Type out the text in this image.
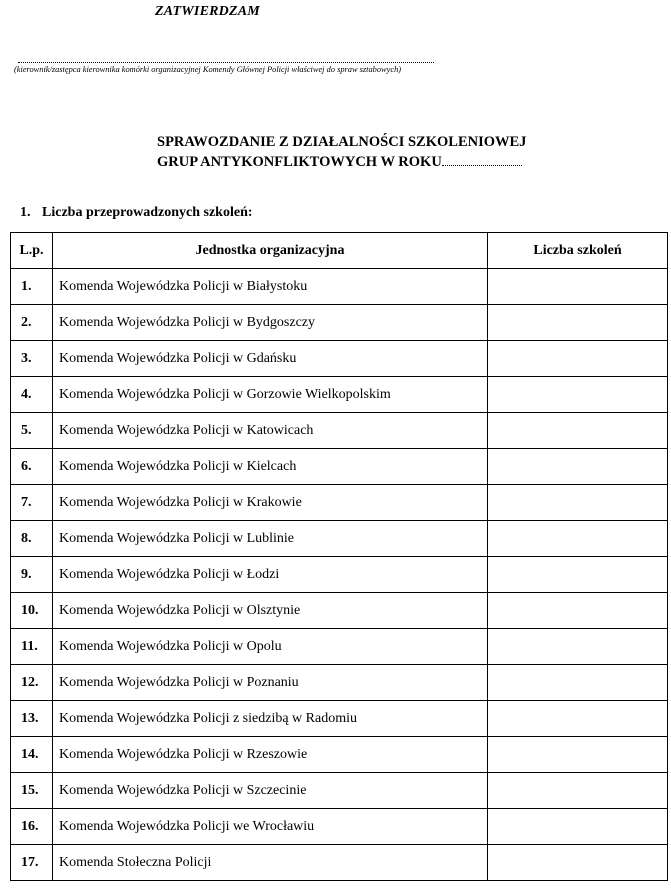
ZATWIERDZAM
(kierownik/zastępca kierownika komórki organizacyjnej Komendy Głównej Policji właściwej do spraw sztabowych)
SPRAWOZDANIE Z DZIAŁALNOŚCI SZKOLENIOWEJ
GRUP ANTYKONFLIKTOWYCH W ROKU
1. Liczba przeprowadzonych szkoleń:
L.p.	Jednostka organizacyjna	Liczba szkoleń
1.	Komenda Wojewódzka Policji w Białystoku	
2.	Komenda Wojewódzka Policji w Bydgoszczy	
3.	Komenda Wojewódzka Policji w Gdańsku	
4.	Komenda Wojewódzka Policji w Gorzowie Wielkopolskim	
5.	Komenda Wojewódzka Policji w Katowicach	
6.	Komenda Wojewódzka Policji w Kielcach	
7.	Komenda Wojewódzka Policji w Krakowie	
8.	Komenda Wojewódzka Policji w Lublinie	
9.	Komenda Wojewódzka Policji w Łodzi	
10.	Komenda Wojewódzka Policji w Olsztynie	
11.	Komenda Wojewódzka Policji w Opolu	
12.	Komenda Wojewódzka Policji w Poznaniu	
13.	Komenda Wojewódzka Policji z siedzibą w Radomiu	
14.	Komenda Wojewódzka Policji w Rzeszowie	
15.	Komenda Wojewódzka Policji w Szczecinie	
16.	Komenda Wojewódzka Policji we Wrocławiu	
17.	Komenda Stołeczna Policji	
